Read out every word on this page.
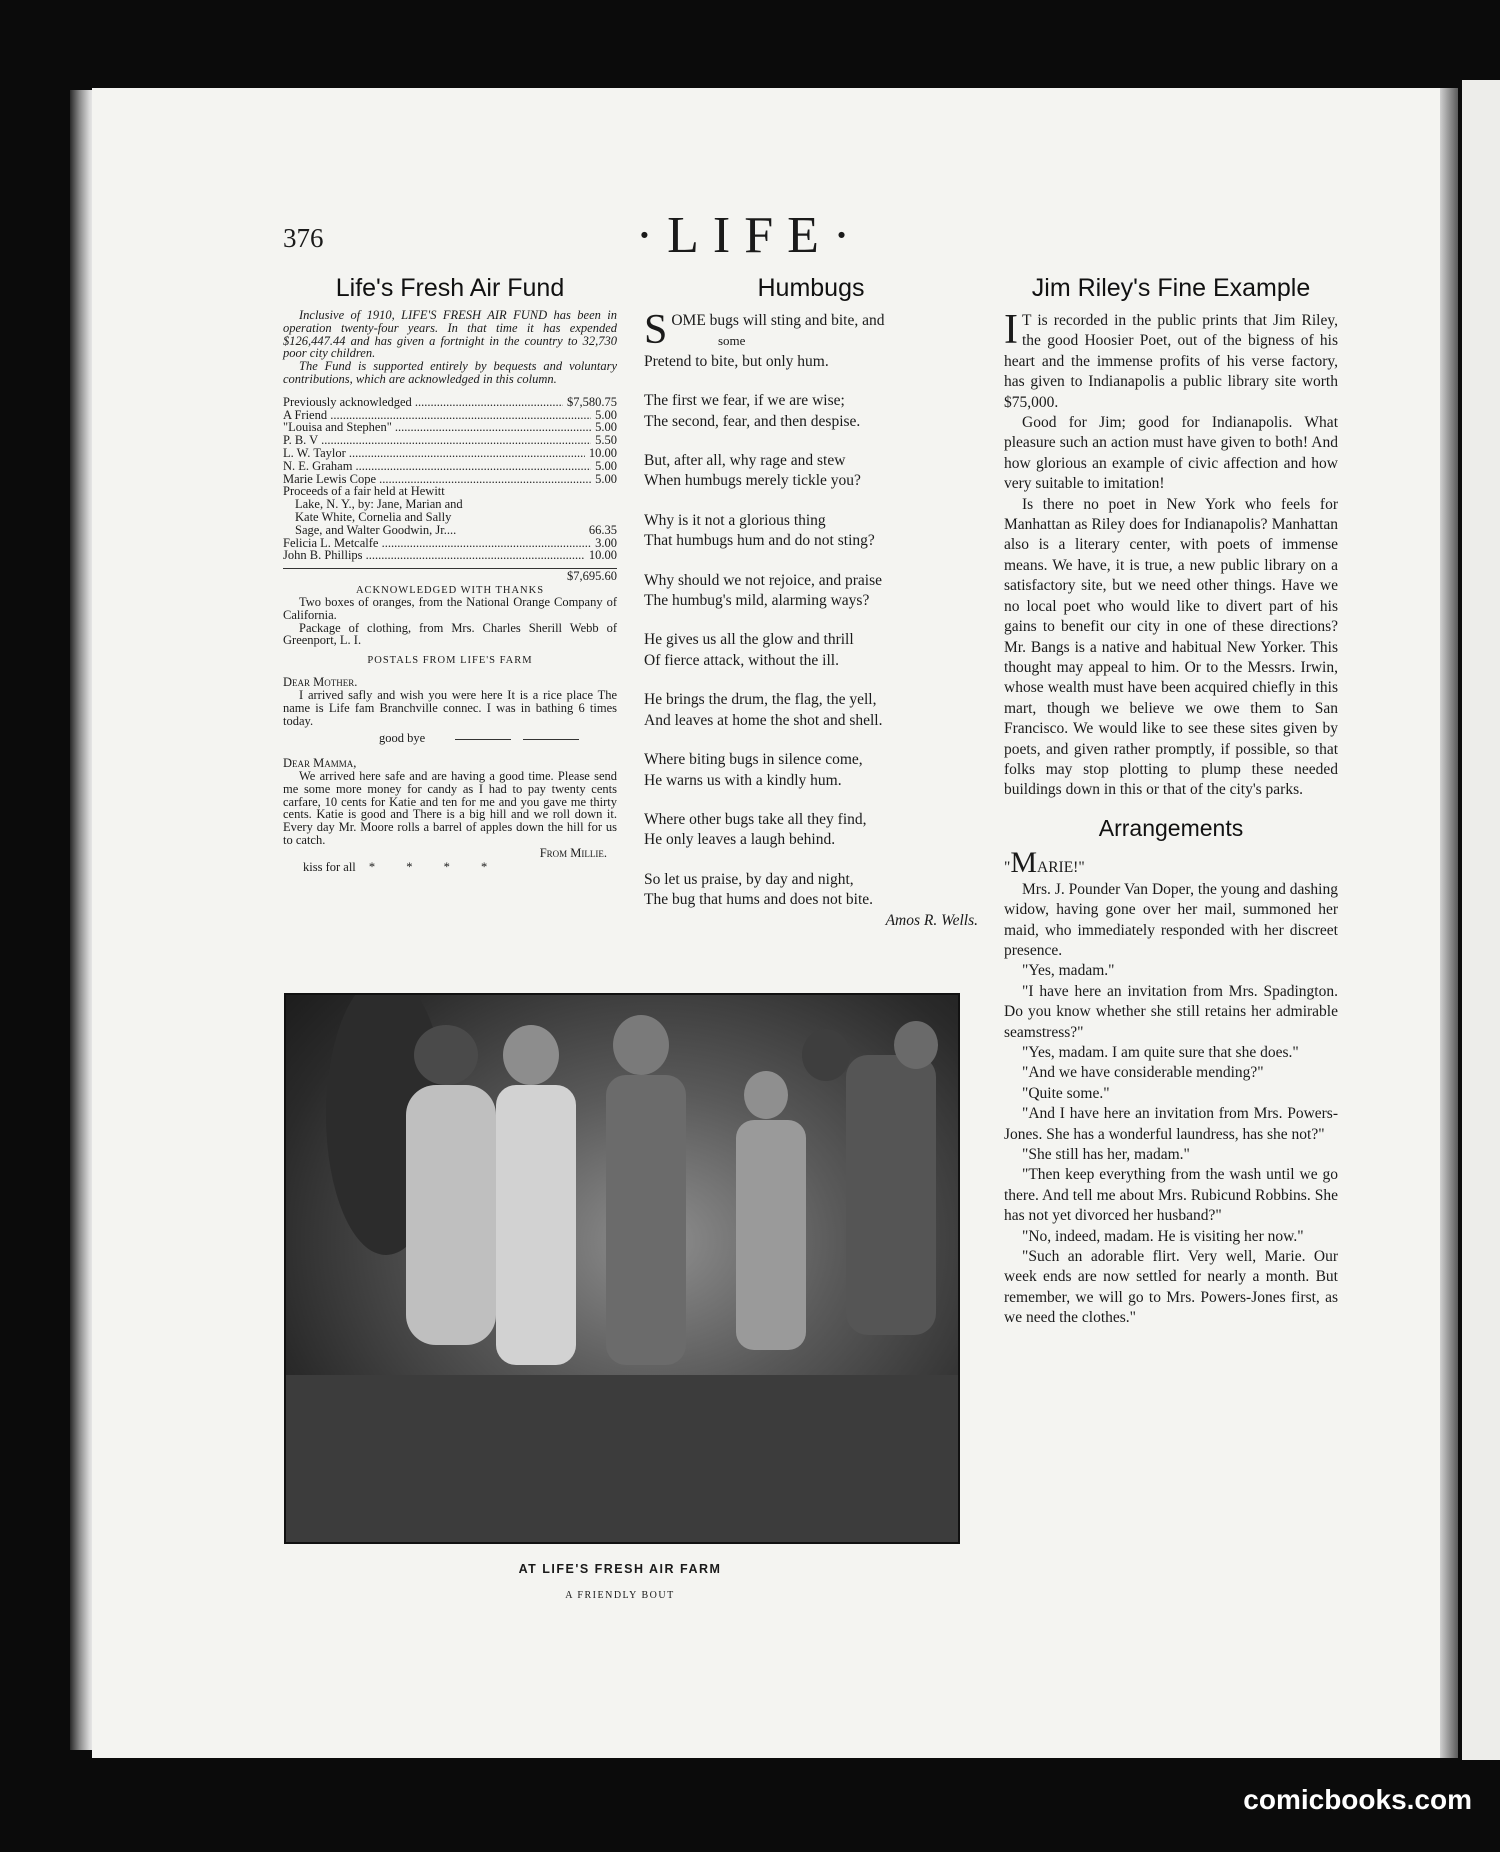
376	·LIFE·
Life's Fresh Air Fund

Inclusive of 1910, LIFE'S FRESH AIR FUND has been in operation twenty-four years. In that time it has expended $126,447.44 and has given a fortnight in the country to 32,730 poor city children.

The Fund is supported entirely by bequests and voluntary contributions, which are acknowledged in this column.

Previously acknowledged .....	$7,580.75
A Friend .....	5.00
"Louisa and Stephen" .....	5.00
P. B. V .....	5.50
L. W. Taylor .....	10.00
N. E. Graham .....	5.00
Marie Lewis Cope .....	5.00
Proceeds of a fair held at Hewitt
Lake, N. Y., by: Jane, Marian and
Kate White, Cornelia and Sally
Sage, and Walter Goodwin, Jr....	66.35
Felicia L. Metcalfe .....	3.00
John B. Phillips .....	10.00
$7,695.60
ACKNOWLEDGED WITH THANKS

Two boxes of oranges, from the National Orange Company of California.

Package of clothing, from Mrs. Charles Sherill Webb of Greenport, L. I.

POSTALS FROM LIFE'S FARM
Dear Mother.
I arrived safly and wish you were here It is a rice place The name is Life fam Branchville connec. I was in bathing 6 times today.
good bye
Dear Mamma,
We arrived here safe and are having a good time. Please send me some more money for candy as I had to pay twenty cents carfare, 10 cents for Katie and ten for me and you gave me thirty cents. Katie is good and There is a big hill and we roll down it. Every day Mr. Moore rolls a barrel of apples down the hill for us to catch.
From Millie.
kiss for all * * * *
Humbugs
S OME bugs will sting and bite, and
some
Pretend to bite, but only hum.
The first we fear, if we are wise;
The second, fear, and then despise.
But, after all, why rage and stew
When humbugs merely tickle you?
Why is it not a glorious thing
That humbugs hum and do not sting?
Why should we not rejoice, and praise
The humbug's mild, alarming ways?
He gives us all the glow and thrill
Of fierce attack, without the ill.
He brings the drum, the flag, the yell,
And leaves at home the shot and shell.
Where biting bugs in silence come,
He warns us with a kindly hum.
Where other bugs take all they find,
He only leaves a laugh behind.
So let us praise, by day and night,
The bug that hums and does not bite.
Amos R. Wells.
Jim Riley's Fine Example

I T is recorded in the public prints that Jim Riley, the good Hoosier Poet, out of the bigness of his heart and the immense profits of his verse factory, has given to Indianapolis a public library site worth $75,000.

Good for Jim; good for Indianapolis. What pleasure such an action must have given to both! And how glorious an example of civic affection and how very suitable to imitation!

Is there no poet in New York who feels for Manhattan as Riley does for Indianapolis? Manhattan also is a literary center, with poets of immense means. We have, it is true, a new public library on a satisfactory site, but we need other things. Have we no local poet who would like to divert part of his gains to benefit our city in one of these directions? Mr. Bangs is a native and habitual New Yorker. This thought may appeal to him. Or to the Messrs. Irwin, whose wealth must have been acquired chiefly in this mart, though we believe we owe them to San Francisco. We would like to see these sites given by poets, and given rather promptly, if possible, so that folks may stop plotting to plump these needed buildings down in this or that of the city's parks.

Arrangements

"MARIE!"

Mrs. J. Pounder Van Doper, the young and dashing widow, having gone over her mail, summoned her maid, who immediately responded with her discreet presence.

"Yes, madam."

"I have here an invitation from Mrs. Spadington. Do you know whether she still retains her admirable seamstress?"

"Yes, madam. I am quite sure that she does."

"And we have considerable mending?"

"Quite some."

"And I have here an invitation from Mrs. Powers-Jones. She has a wonderful laundress, has she not?"

"She still has her, madam."

"Then keep everything from the wash until we go there. And tell me about Mrs. Rubicund Robbins. She has not yet divorced her husband?"

"No, indeed, madam. He is visiting her now."

"Such an adorable flirt. Very well, Marie. Our week ends are now settled for nearly a month. But remember, we will go to Mrs. Powers-Jones first, as we need the clothes."

AT LIFE'S FRESH AIR FARM
A FRIENDLY BOUT
comicbooks.com
